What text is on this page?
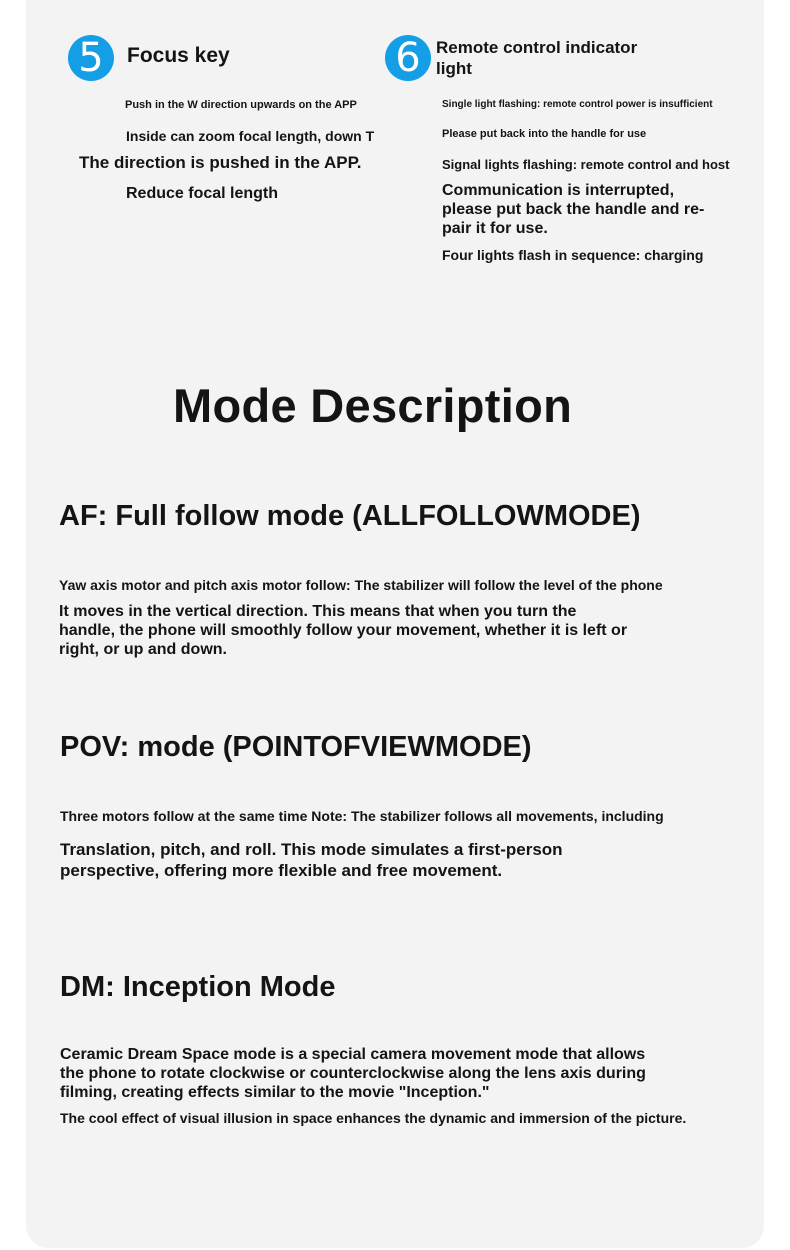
5	Focus key
Push in the W direction upwards on the APP
Inside can zoom focal length, down T
The direction is pushed in the APP.
Reduce focal length
6 Remote control indicator
light
Single light flashing: remote control power is insufficient
Please put back into the handle for use
Signal lights flashing: remote control and host
Communication is interrupted,
please put back the handle and re-
pair it for use.
Four lights flash in sequence: charging
Mode Description
AF: Full follow mode (ALLFOLLOWMODE)
Yaw axis motor and pitch axis motor follow: The stabilizer will follow the level of the phone
It moves in the vertical direction. This means that when you turn the
handle, the phone will smoothly follow your movement, whether it is left or
right, or up and down.
POV: mode (POINTOFVIEWMODE)
Three motors follow at the same time Note: The stabilizer follows all movements, including
Translation, pitch, and roll. This mode simulates a first-person
perspective, offering more flexible and free movement.
DM: Inception Mode
Ceramic Dream Space mode is a special camera movement mode that allows
the phone to rotate clockwise or counterclockwise along the lens axis during
filming, creating effects similar to the movie "Inception."
The cool effect of visual illusion in space enhances the dynamic and immersion of the picture.
